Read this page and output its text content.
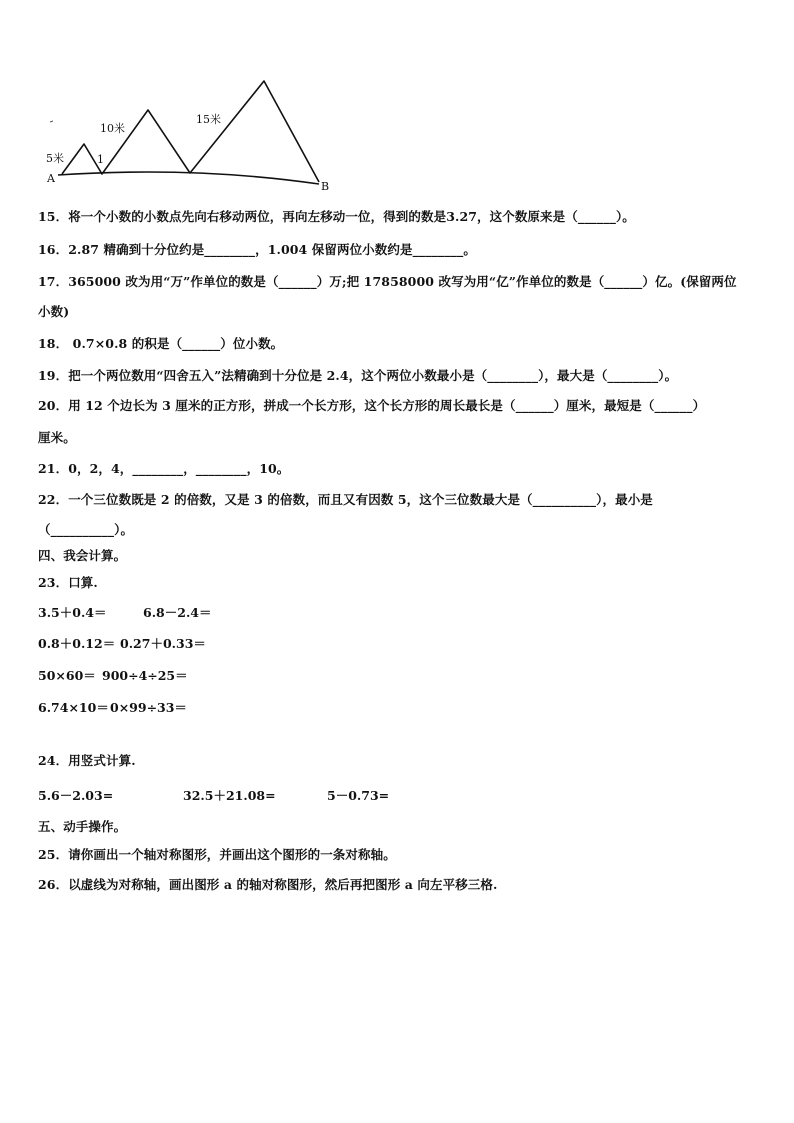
5米
10米
15米
1
A
B
15．将一个小数的小数点先向右移动两位，再向左移动一位，得到的数是3.27，这个数原来是（______）。
16．2.87 精确到十分位约是________，1.004 保留两位小数约是________。
17．365000 改为用“万”作单位的数是（______）万;把 17858000 改写为用“亿”作单位的数是（______）亿。(保留两位
小数)
18． 0.7×0.8 的积是（______）位小数。
19．把一个两位数用“四舍五入”法精确到十分位是 2.4，这个两位小数最小是（________），最大是（________）。
20．用 12 个边长为 3 厘米的正方形，拼成一个长方形，这个长方形的周长最长是（______）厘米，最短是（______）
厘米。
21．0，2，4，________，________，10。
22．一个三位数既是 2 的倍数，又是 3 的倍数，而且又有因数 5，这个三位数最大是（__________），最小是
（__________）。
四、我会计算。
23．口算.
3.5＋0.4＝	6.8－2.4＝
0.8＋0.12＝ 0.27＋0.33＝
50×60＝ 900÷4÷25＝
6.74×10＝ 0×99÷33＝
24．用竖式计算.
5.6－2.03=	32.5＋21.08=	5－0.73=
五、动手操作。
25．请你画出一个轴对称图形，并画出这个图形的一条对称轴。
26．以虚线为对称轴，画出图形 a 的轴对称图形，然后再把图形 a 向左平移三格.
